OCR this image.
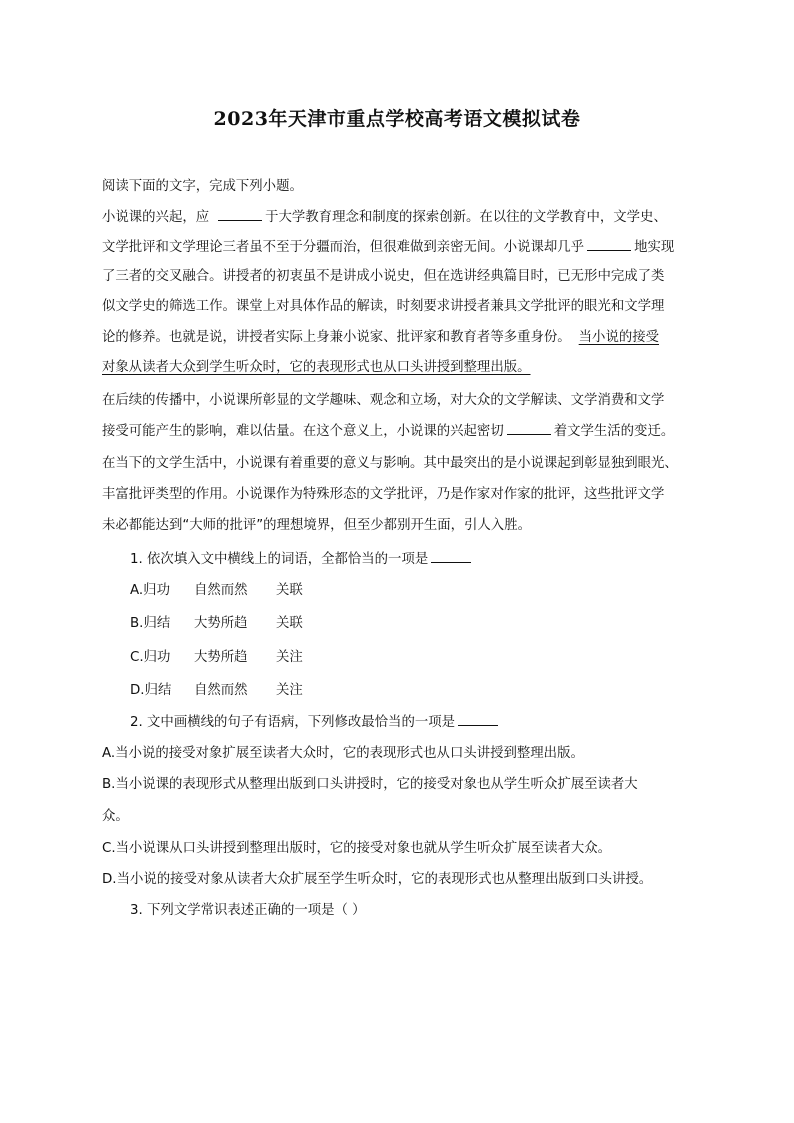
2023年天津市重点学校高考语文模拟试卷
阅读下面的文字，完成下列小题。
小说课的兴起，应	于大学教育理念和制度的探索创新。在以往的文学教育中，文学史、
文学批评和文学理论三者虽不至于分疆而治，但很难做到亲密无间。小说课却几乎	地实现
了三者的交叉融合。讲授者的初衷虽不是讲成小说史，但在选讲经典篇目时，已无形中完成了类
似文学史的筛选工作。课堂上对具体作品的解读，时刻要求讲授者兼具文学批评的眼光和文学理
论的修养。也就是说，讲授者实际上身兼小说家、批评家和教育者等多重身份。 当小说的接受
对象从读者大众到学生听众时，它的表现形式也从口头讲授到整理出版。
在后续的传播中，小说课所彰显的文学趣味、观念和立场，对大众的文学解读、文学消费和文学
接受可能产生的影响，难以估量。在这个意义上，小说课的兴起密切	着文学生活的变迁。
在当下的文学生活中，小说课有着重要的意义与影响。其中最突出的是小说课起到彰显独到眼光、
丰富批评类型的作用。小说课作为特殊形态的文学批评，乃是作家对作家的批评，这些批评文学
未必都能达到“大师的批评”的理想境界，但至少都别开生面，引人入胜。
1. 依次填入文中横线上的词语，全都恰当的一项是
A.归功 自然而然 关联
B.归结 大势所趋 关联
C.归功 大势所趋 关注
D.归结 自然而然 关注
2. 文中画横线的句子有语病，下列修改最恰当的一项是
A.当小说的接受对象扩展至读者大众时，它的表现形式也从口头讲授到整理出版。
B.当小说课的表现形式从整理出版到口头讲授时，它的接受对象也从学生听众扩展至读者大
众。
C.当小说课从口头讲授到整理出版时，它的接受对象也就从学生听众扩展至读者大众。
D.当小说的接受对象从读者大众扩展至学生听众时，它的表现形式也从整理出版到口头讲授。
3. 下列文学常识表述正确的一项是（ ）
